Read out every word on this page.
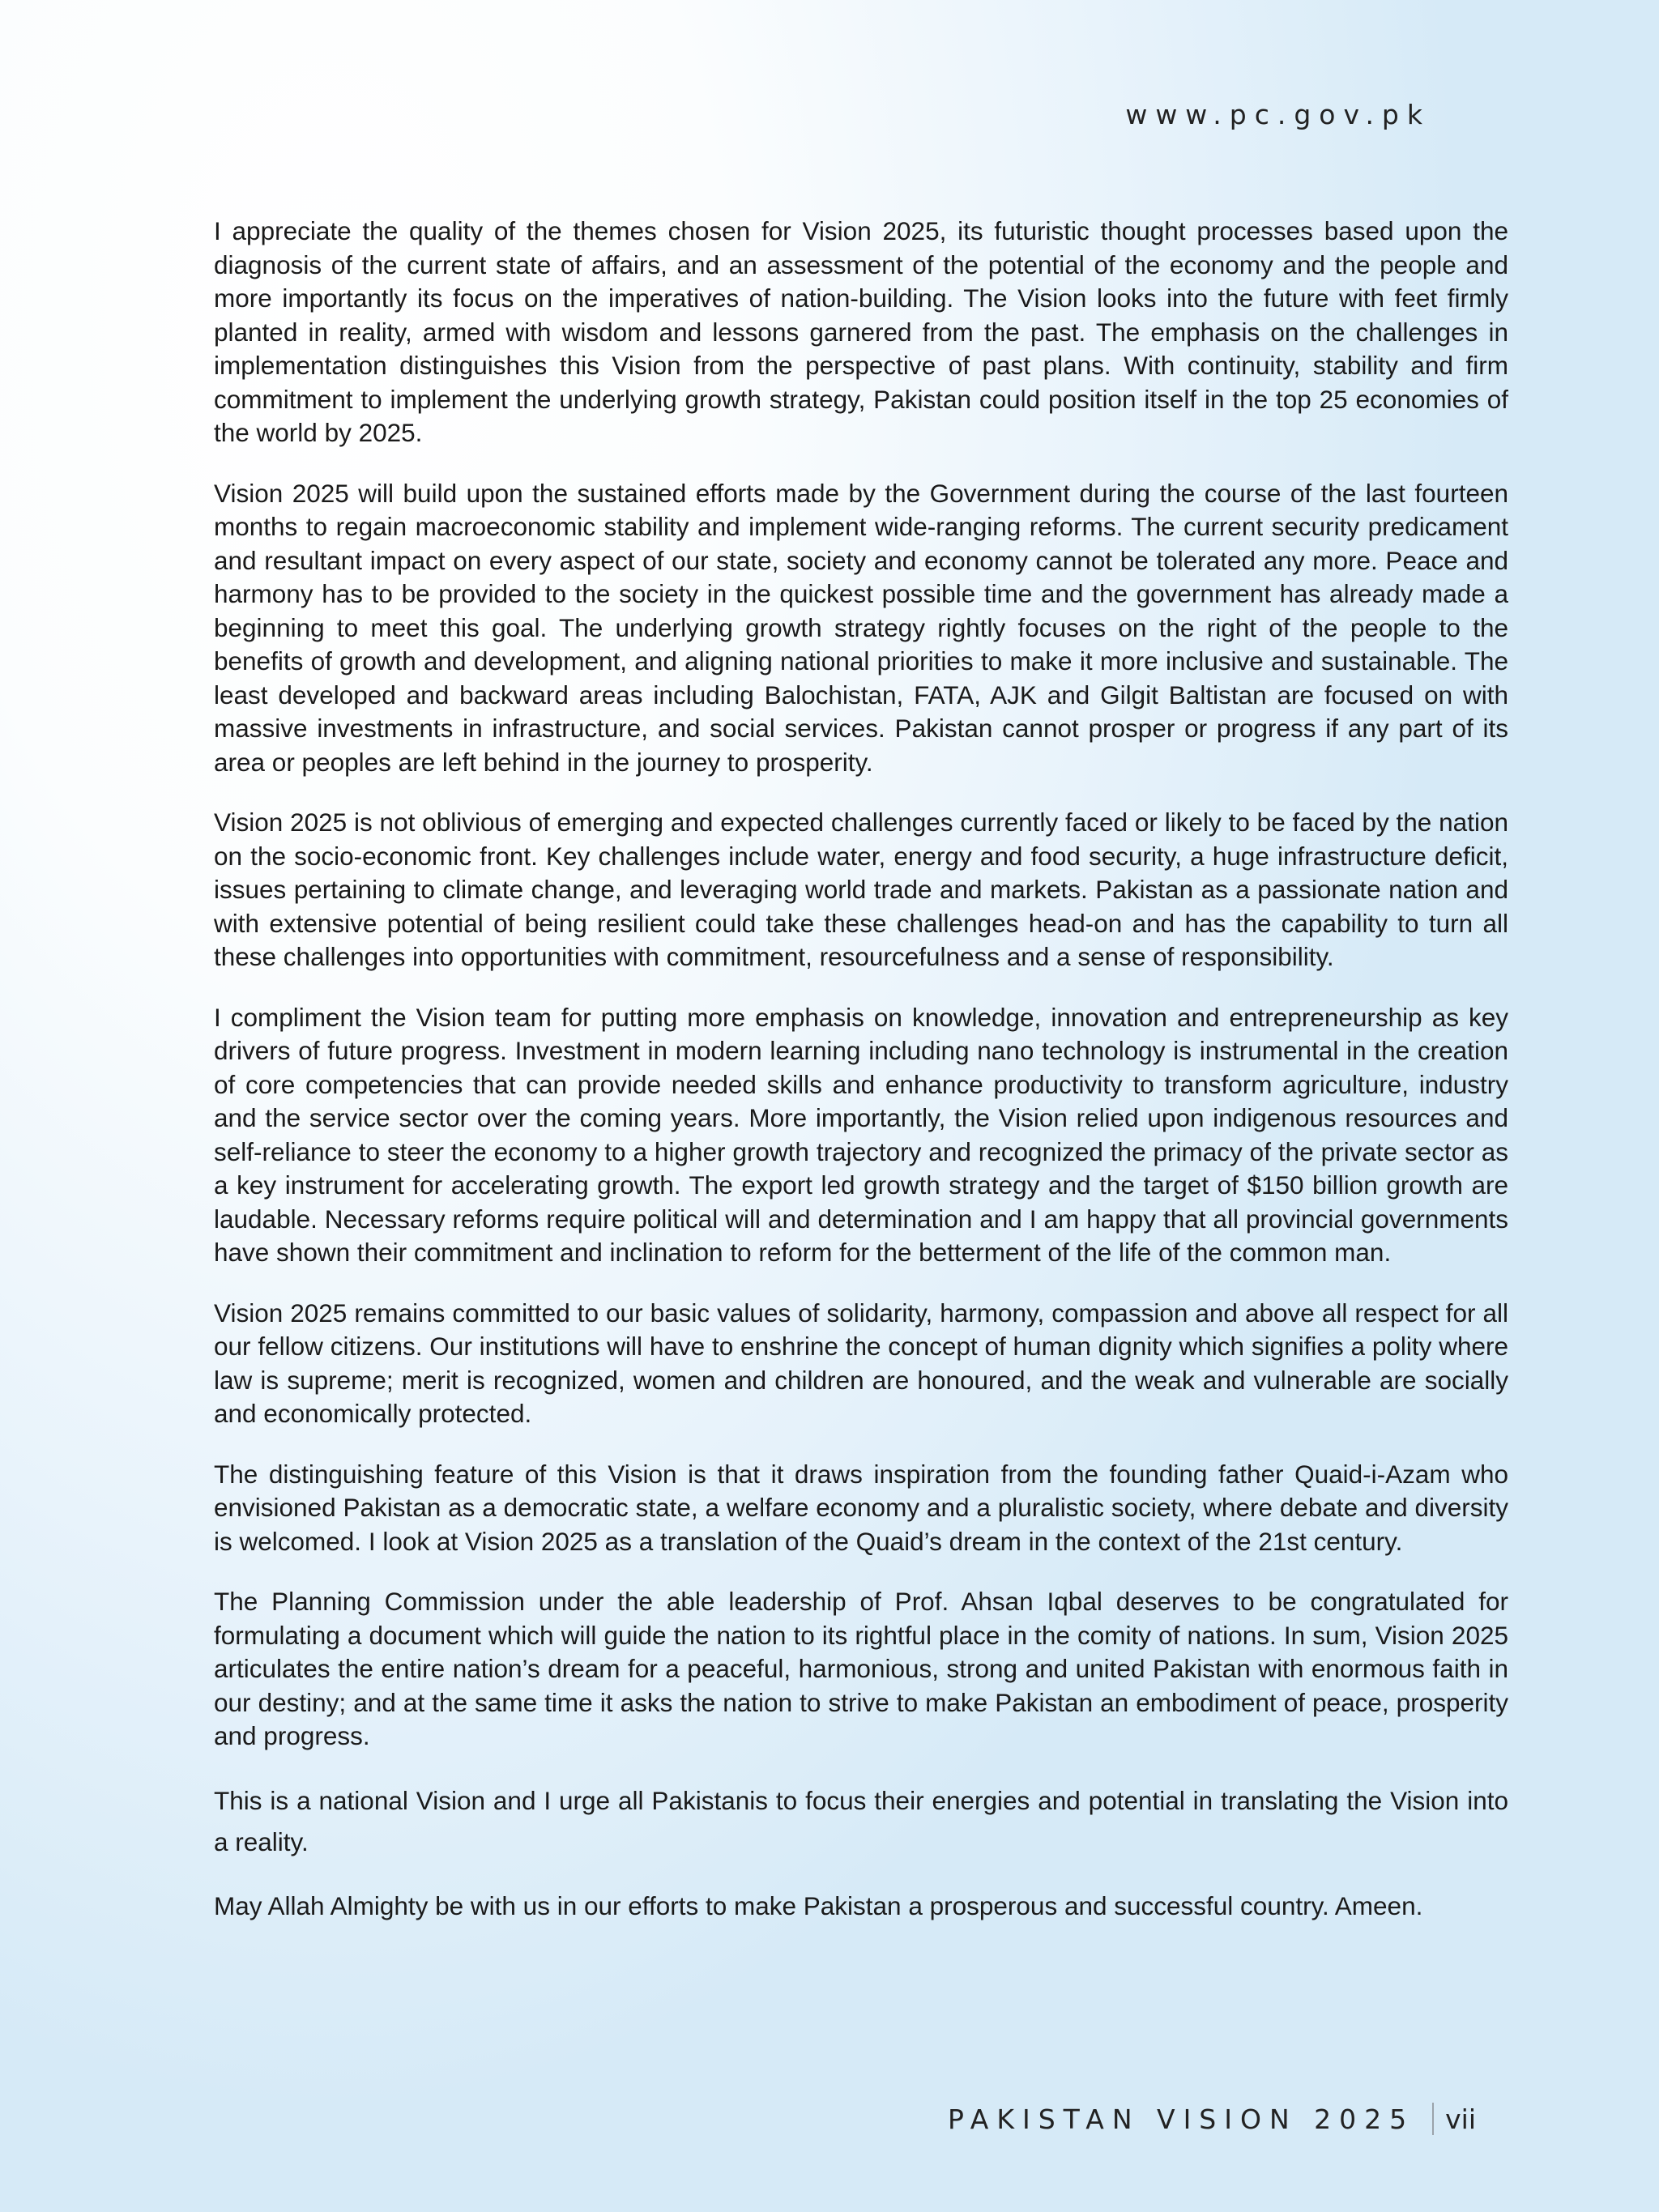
www.pc.gov.pk

I appreciate the quality of the themes chosen for Vision 2025, its futuristic thought processes based upon the diagnosis of the current state of affairs, and an assessment of the potential of the economy and the people and more importantly its focus on the imperatives of nation-building. The Vision looks into the future with feet firmly planted in reality, armed with wisdom and lessons garnered from the past. The emphasis on the challenges in implementation distinguishes this Vision from the perspective of past plans. With continuity, stability and firm commitment to implement the underlying growth strategy, Pakistan could position itself in the top 25 economies of the world by 2025.

Vision 2025 will build upon the sustained efforts made by the Government during the course of the last fourteen months to regain macroeconomic stability and implement wide-ranging reforms. The current security predicament and resultant impact on every aspect of our state, society and economy cannot be tolerated any more. Peace and harmony has to be provided to the society in the quickest possible time and the government has already made a beginning to meet this goal. The underlying growth strategy rightly focuses on the right of the people to the benefits of growth and development, and aligning national priorities to make it more inclusive and sustainable. The least developed and backward areas including Balochistan, FATA, AJK and Gilgit Baltistan are focused on with massive investments in infrastructure, and social services. Pakistan cannot prosper or progress if any part of its area or peoples are left behind in the journey to prosperity.

Vision 2025 is not oblivious of emerging and expected challenges currently faced or likely to be faced by the nation on the socio-economic front. Key challenges include water, energy and food security, a huge infrastructure deficit, issues pertaining to climate change, and leveraging world trade and markets. Pakistan as a passionate nation and with extensive potential of being resilient could take these challenges head-on and has the capability to turn all these challenges into opportunities with commitment, resourcefulness and a sense of responsibility.

I compliment the Vision team for putting more emphasis on knowledge, innovation and entrepreneurship as key drivers of future progress. Investment in modern learning including nano technology is instrumental in the creation of core competencies that can provide needed skills and enhance productivity to transform agriculture, industry and the service sector over the coming years. More importantly, the Vision relied upon indigenous resources and self-reliance to steer the economy to a higher growth trajectory and recognized the primacy of the private sector as a key instrument for accelerating growth. The export led growth strategy and the target of $150 billion growth are laudable. Necessary reforms require political will and determination and I am happy that all provincial governments have shown their commitment and inclination to reform for the betterment of the life of the common man.

Vision 2025 remains committed to our basic values of solidarity, harmony, compassion and above all respect for all our fellow citizens. Our institutions will have to enshrine the concept of human dignity which signifies a polity where law is supreme; merit is recognized, women and children are honoured, and the weak and vulnerable are socially and economically protected.

The distinguishing feature of this Vision is that it draws inspiration from the founding father Quaid-i-Azam who envisioned Pakistan as a democratic state, a welfare economy and a pluralistic society, where debate and diversity is welcomed. I look at Vision 2025 as a translation of the Quaid’s dream in the context of the 21st century.

The Planning Commission under the able leadership of Prof. Ahsan Iqbal deserves to be congratulated for formulating a document which will guide the nation to its rightful place in the comity of nations. In sum, Vision 2025 articulates the entire nation’s dream for a peaceful, harmonious, strong and united Pakistan with enormous faith in our destiny; and at the same time it asks the nation to strive to make Pakistan an embodiment of peace, prosperity and progress.

This is a national Vision and I urge all Pakistanis to focus their energies and potential in translating the Vision into a reality.

May Allah Almighty be with us in our efforts to make Pakistan a prosperous and successful country. Ameen.

PAKISTAN VISION 2025 vii
